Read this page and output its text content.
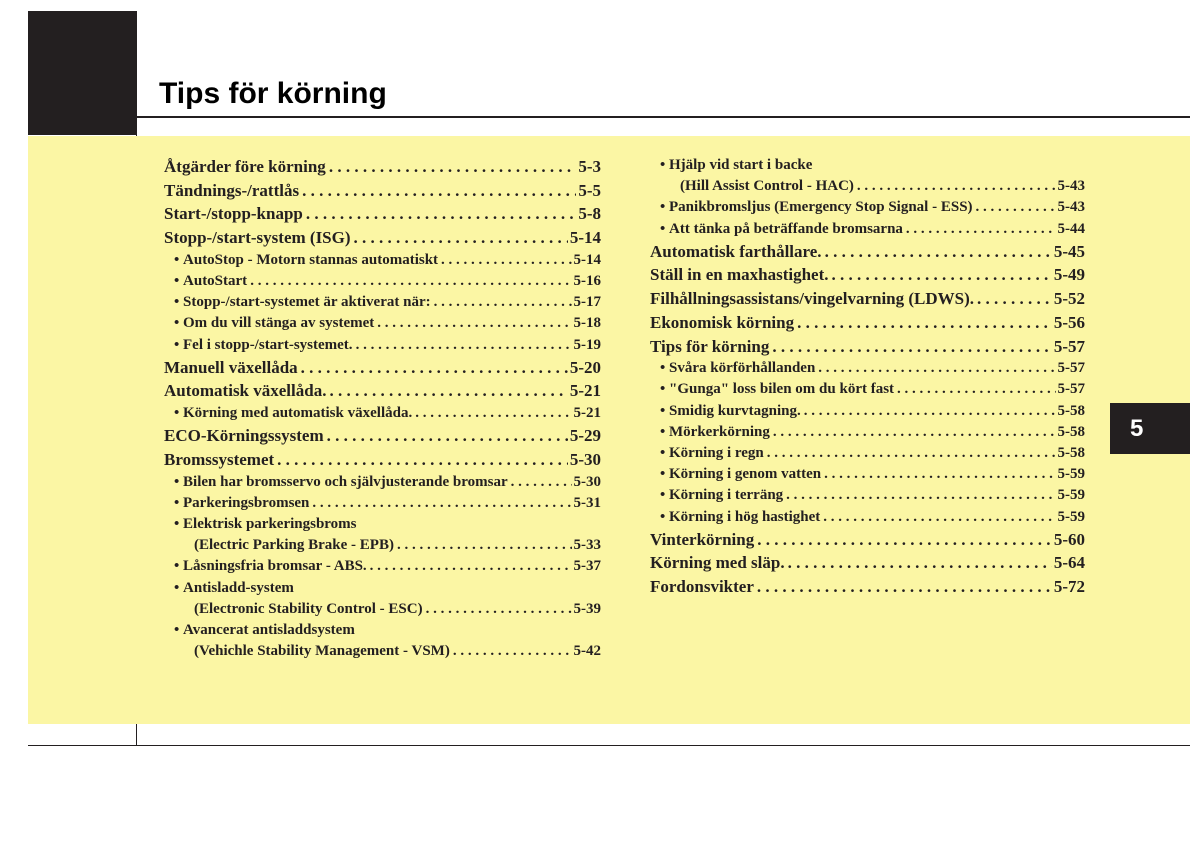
Tips för körning
5
Åtgärder före körning . . .	5-3
Tändnings-/rattlås . . .	5-5
Start-/stopp-knapp . . .	5-8
Stopp-/start-system (ISG) . . .	5-14
• AutoStop - Motorn stannas automatiskt . . .	5-14
• AutoStart . . .	5-16
• Stopp-/start-systemet är aktiverat när: . . .	5-17
• Om du vill stänga av systemet . . .	5-18
• Fel i stopp-/start-systemet. . . .	5-19
Manuell växellåda . . .	5-20
Automatisk växellåda. . . .	5-21
• Körning med automatisk växellåda. . . .	5-21
ECO-Körningssystem . . .	5-29
Bromssystemet . . .	5-30
• Bilen har bromsservo och självjusterande bromsar . . .	5-30
• Parkeringsbromsen . . .	5-31
• Elektrisk parkeringsbroms
(Electric Parking Brake - EPB) . . .	5-33
• Låsningsfria bromsar - ABS. . . .	5-37
• Antisladd-system
(Electronic Stability Control - ESC) . . .	5-39
• Avancerat antisladdsystem
(Vehichle Stability Management - VSM) . . .	5-42
• Hjälp vid start i backe
(Hill Assist Control - HAC) . . .	5-43
• Panikbromsljus (Emergency Stop Signal - ESS) . . .	5-43
• Att tänka på beträffande bromsarna . . .	5-44
Automatisk farthållare. . . .	5-45
Ställ in en maxhastighet. . . .	5-49
Filhållningsassistans/vingelvarning (LDWS). . . .	5-52
Ekonomisk körning . . .	5-56
Tips för körning . . .	5-57
• Svåra körförhållanden . . .	5-57
• "Gunga" loss bilen om du kört fast . . .	5-57
• Smidig kurvtagning. . . .	5-58
• Mörkerkörning . . .	5-58
• Körning i regn . . .	5-58
• Körning i genom vatten . . .	5-59
• Körning i terräng . . .	5-59
• Körning i hög hastighet . . .	5-59
Vinterkörning . . .	5-60
Körning med släp. . . .	5-64
Fordonsvikter . . .	5-72
